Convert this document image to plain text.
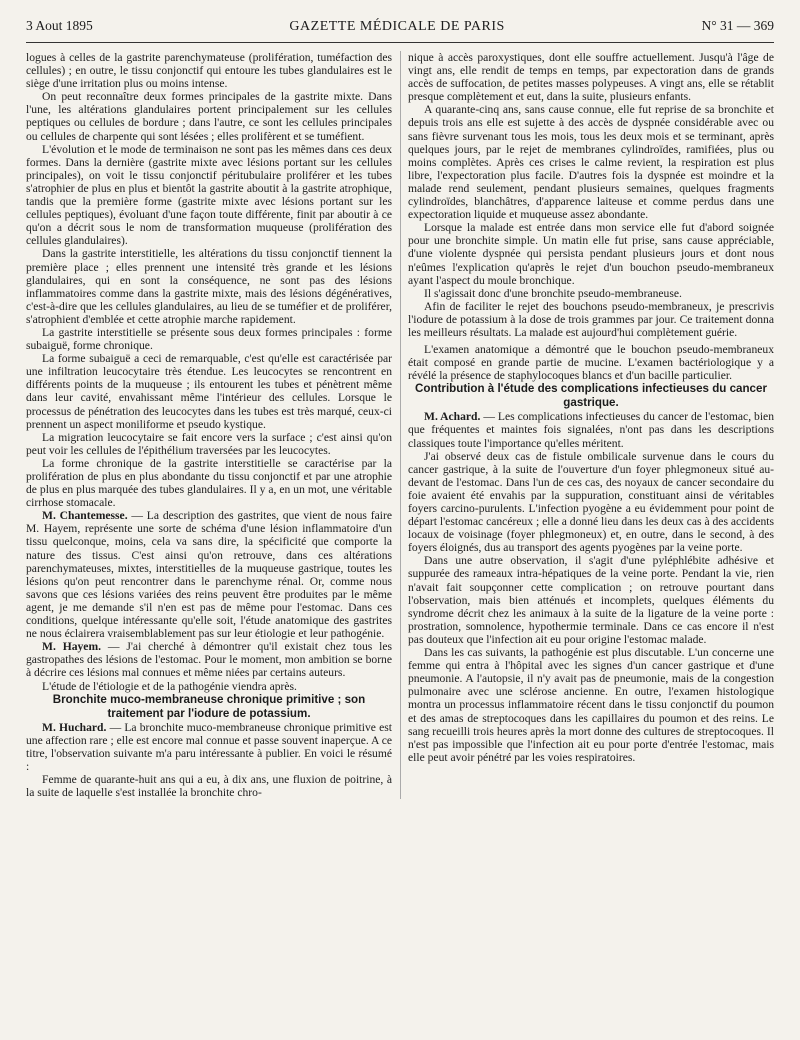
3 Aout 1895	GAZETTE MÉDICALE DE PARIS	N° 31 — 369

logues à celles de la gastrite parenchymateuse (prolifération, tuméfaction des cellules) ; en outre, le tissu conjonctif qui entoure les tubes glandulaires est le siège d'une irritation plus ou moins intense.

On peut reconnaître deux formes principales de la gastrite mixte. Dans l'une, les altérations glandulaires portent principalement sur les cellules peptiques ou cellules de bordure ; dans l'autre, ce sont les cellules principales ou cellules de charpente qui sont lésées ; elles prolifèrent et se tuméfient.

L'évolution et le mode de terminaison ne sont pas les mêmes dans ces deux formes. Dans la dernière (gastrite mixte avec lésions portant sur les cellules principales), on voit le tissu conjonctif péritubulaire proliférer et les tubes s'atrophier de plus en plus et bientôt la gastrite aboutit à la gastrite atrophique, tandis que la première forme (gastrite mixte avec lésions portant sur les cellules peptiques), évoluant d'une façon toute différente, finit par aboutir à ce qu'on a décrit sous le nom de transformation muqueuse (prolifération des cellules glandulaires).

Dans la gastrite interstitielle, les altérations du tissu conjonctif tiennent la première place ; elles prennent une intensité très grande et les lésions glandulaires, qui en sont la conséquence, ne sont pas des lésions inflammatoires comme dans la gastrite mixte, mais des lésions dégénératives, c'est-à-dire que les cellules glandulaires, au lieu de se tuméfier et de proliférer, s'atrophient d'emblée et cette atrophie marche rapidement.

La gastrite interstitielle se présente sous deux formes principales : forme subaiguë, forme chronique.

La forme subaiguë a ceci de remarquable, c'est qu'elle est caractérisée par une infiltration leucocytaire très étendue. Les leucocytes se rencontrent en différents points de la muqueuse ; ils entourent les tubes et pénètrent même dans leur cavité, envahissant même l'intérieur des cellules. Lorsque le processus de pénétration des leucocytes dans les tubes est très marqué, ceux-ci prennent un aspect moniliforme et pseudo kystique.

La migration leucocytaire se fait encore vers la surface ; c'est ainsi qu'on peut voir les cellules de l'épithélium traversées par les leucocytes.

La forme chronique de la gastrite interstitielle se caractérise par la prolifération de plus en plus abondante du tissu conjonctif et par une atrophie de plus en plus marquée des tubes glandulaires. Il y a, en un mot, une véritable cirrhose stomacale.

M. Chantemesse. — La description des gastrites, que vient de nous faire M. Hayem, représente une sorte de schéma d'une lésion inflammatoire d'un tissu quelconque, moins, cela va sans dire, la spécificité que comporte la nature des tissus. C'est ainsi qu'on retrouve, dans ces altérations parenchymateuses, mixtes, interstitielles de la muqueuse gastrique, toutes les lésions qu'on peut rencontrer dans le parenchyme rénal. Or, comme nous savons que ces lésions variées des reins peuvent être produites par le même agent, je me demande s'il n'en est pas de même pour l'estomac. Dans ces conditions, quelque intéressante qu'elle soit, l'étude anatomique des gastrites ne nous éclairera vraisemblablement pas sur leur étiologie et leur pathogénie.

M. Hayem. — J'ai cherché à démontrer qu'il existait chez tous les gastropathes des lésions de l'estomac. Pour le moment, mon ambition se borne à décrire ces lésions mal connues et même niées par certains auteurs.

L'étude de l'étiologie et de la pathogénie viendra après.

Bronchite muco-membraneuse chronique primitive ; son traitement par l'iodure de potassium.

M. Huchard. — La bronchite muco-membraneuse chronique primitive est une affection rare ; elle est encore mal connue et passe souvent inaperçue. A ce titre, l'observation suivante m'a paru intéressante à publier. En voici le résumé :

Femme de quarante-huit ans qui a eu, à dix ans, une fluxion de poitrine, à la suite de laquelle s'est installée la bronchite chro-

nique à accès paroxystiques, dont elle souffre actuellement. Jusqu'à l'âge de vingt ans, elle rendit de temps en temps, par expectoration dans de grands accès de suffocation, de petites masses polypeuses. A vingt ans, elle se rétablit presque complètement et eut, dans la suite, plusieurs enfants.

A quarante-cinq ans, sans cause connue, elle fut reprise de sa bronchite et depuis trois ans elle est sujette à des accès de dyspnée considérable avec ou sans fièvre survenant tous les mois, tous les deux mois et se terminant, après quelques jours, par le rejet de membranes cylindroïdes, ramifiées, plus ou moins complètes. Après ces crises le calme revient, la respiration est plus libre, l'expectoration plus facile. D'autres fois la dyspnée est moindre et la malade rend seulement, pendant plusieurs semaines, quelques fragments cylindroïdes, blanchâtres, d'apparence laiteuse et comme perdus dans une expectoration liquide et muqueuse assez abondante.

Lorsque la malade est entrée dans mon service elle fut d'abord soignée pour une bronchite simple. Un matin elle fut prise, sans cause appréciable, d'une violente dyspnée qui persista pendant plusieurs jours et dont nous n'eûmes l'explication qu'après le rejet d'un bouchon pseudo-membraneux ayant l'aspect du moule bronchique.

Il s'agissait donc d'une bronchite pseudo-membraneuse.

Afin de faciliter le rejet des bouchons pseudo-membraneux, je prescrivis l'iodure de potassium à la dose de trois grammes par jour. Ce traitement donna les meilleurs résultats. La malade est aujourd'hui complètement guérie.

L'examen anatomique a démontré que le bouchon pseudo-membraneux était composé en grande partie de mucine. L'examen bactériologique y a révélé la présence de staphylocoques blancs et d'un bacille particulier.

Contribution à l'étude des complications infectieuses du cancer gastrique.

M. Achard. — Les complications infectieuses du cancer de l'estomac, bien que fréquentes et maintes fois signalées, n'ont pas dans les descriptions classiques toute l'importance qu'elles méritent.

J'ai observé deux cas de fistule ombilicale survenue dans le cours du cancer gastrique, à la suite de l'ouverture d'un foyer phlegmoneux situé au-devant de l'estomac. Dans l'un de ces cas, des noyaux de cancer secondaire du foie avaient été envahis par la suppuration, constituant ainsi de véritables foyers carcino-purulents. L'infection pyogène a eu évidemment pour point de départ l'estomac cancéreux ; elle a donné lieu dans les deux cas à des accidents locaux de voisinage (foyer phlegmoneux) et, en outre, dans le second, à des foyers éloignés, dus au transport des agents pyogènes par la veine porte.

Dans une autre observation, il s'agit d'une pyléphlébite adhésive et suppurée des rameaux intra-hépatiques de la veine porte. Pendant la vie, rien n'avait fait soupçonner cette complication ; on retrouve pourtant dans l'observation, mais bien atténués et incomplets, quelques éléments du syndrome décrit chez les animaux à la suite de la ligature de la veine porte : prostration, somnolence, hypothermie terminale. Dans ce cas encore il n'est pas douteux que l'infection ait eu pour origine l'estomac malade.

Dans les cas suivants, la pathogénie est plus discutable. L'un concerne une femme qui entra à l'hôpital avec les signes d'un cancer gastrique et d'une pneumonie. A l'autopsie, il n'y avait pas de pneumonie, mais de la congestion pulmonaire avec une sclérose ancienne. En outre, l'examen histologique montra un processus inflammatoire récent dans le tissu conjonctif du poumon et des amas de streptocoques dans les capillaires du poumon et des reins. Le sang recueilli trois heures après la mort donne des cultures de streptocoques. Il n'est pas impossible que l'infection ait eu pour porte d'entrée l'estomac, mais elle peut avoir pénétré par les voies respiratoires.
